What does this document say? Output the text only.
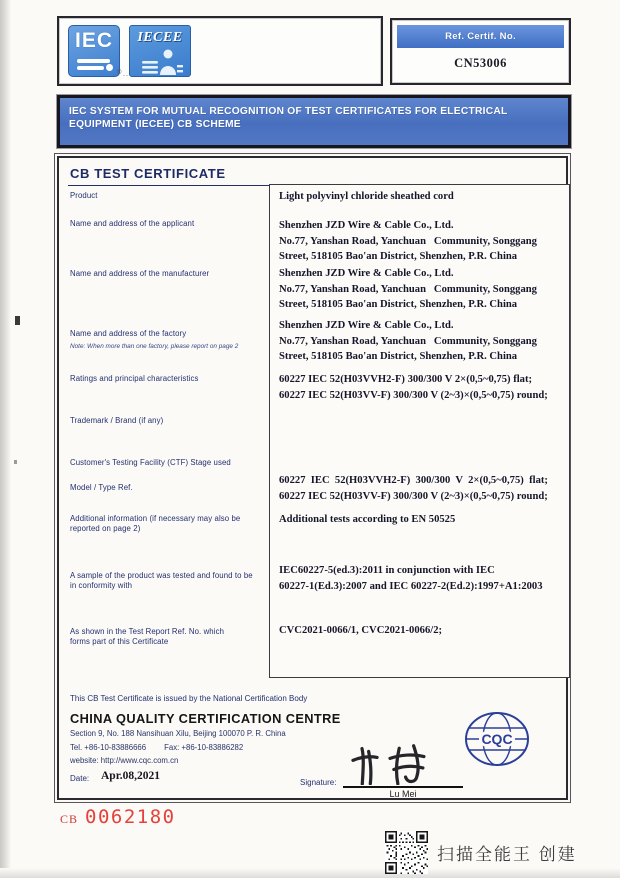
IEC
®
IECEE
...
Ref. Certif. No.
CN53006
IEC SYSTEM FOR MUTUAL RECOGNITION OF TEST CERTIFICATES FOR ELECTRICAL EQUIPMENT (IECEE) CB SCHEME
CB TEST CERTIFICATE
Product
Name and address of the applicant
Name and address of the manufacturer
Name and address of the factory
Note: When more than one factory, please report on page 2
Ratings and principal characteristics
Trademark / Brand (if any)
Customer's Testing Facility (CTF) Stage used
Model / Type Ref.
Additional information (if necessary may also be reported on page 2)
A sample of the product was tested and found to be in conformity with
As shown in the Test Report Ref. No. which forms part of this Certificate
Light polyvinyl chloride sheathed cord
Shenzhen JZD Wire & Cable Co., Ltd.
No.77, Yanshan Road, Yanchuan   Community, Songgang
Street, 518105 Bao'an District, Shenzhen, P.R. China
Shenzhen JZD Wire & Cable Co., Ltd.
No.77, Yanshan Road, Yanchuan   Community, Songgang
Street, 518105 Bao'an District, Shenzhen, P.R. China
Shenzhen JZD Wire & Cable Co., Ltd.
No.77, Yanshan Road, Yanchuan   Community, Songgang
Street, 518105 Bao'an District, Shenzhen, P.R. China
60227 IEC 52(H03VVH2-F) 300/300 V 2×(0,5~0,75) flat;
60227 IEC 52(H03VV-F) 300/300 V (2~3)×(0,5~0,75) round;
60227  IEC  52(H03VVH2-F)  300/300  V  2×(0,5~0,75)  flat;
60227 IEC 52(H03VV-F) 300/300 V (2~3)×(0,5~0,75) round;
Additional tests according to EN 50525
IEC60227-5(ed.3):2011 in conjunction with IEC
60227-1(Ed.3):2007 and IEC 60227-2(Ed.2):1997+A1:2003
CVC2021-0066/1, CVC2021-0066/2;
This CB Test Certificate is issued by the National Certification Body
CHINA QUALITY CERTIFICATION CENTRE
Section 9, No. 188 Nansihuan Xilu, Beijing 100070 P. R. China
Tel. +86-10-83886666 Fax: +86-10-83886282
website: http://www.cqc.com.cn
Date: Apr.08,2021
Signature:
Lu Mei
CQC
CB 0062180
扫描全能王 创建
